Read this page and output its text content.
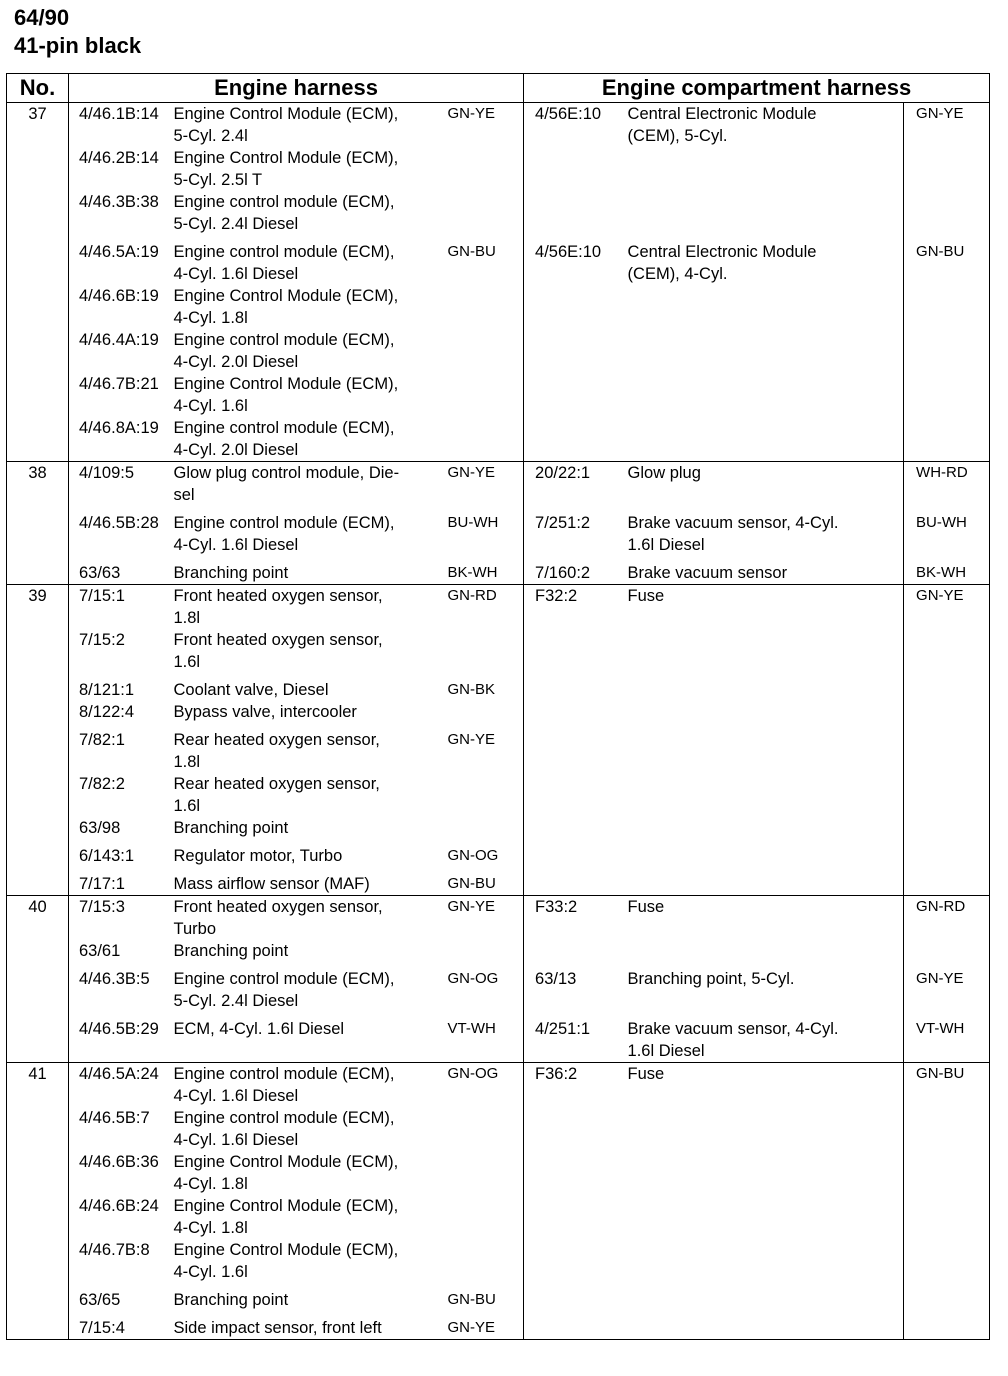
64/90
41-pin black
No.	Engine harness			Engine compartment harness		
37	4/46.1B:14	Engine Control Module (ECM),
5-Cyl. 2.4l	GN-YE	4/56E:10	Central Electronic Module
(CEM), 5-Cyl.	GN-YE
	4/46.2B:14	Engine Control Module (ECM),
5-Cyl. 2.5l T				

	4/46.3B:38	Engine control module (ECM),
5-Cyl. 2.4l Diesel				

	4/46.5A:19	Engine control module (ECM),
4-Cyl. 1.6l Diesel	GN-BU	4/56E:10	Central Electronic Module
(CEM), 4-Cyl.	GN-BU
	4/46.6B:19	Engine Control Module (ECM),
4-Cyl. 1.8l				

	4/46.4A:19	Engine control module (ECM),
4-Cyl. 2.0l Diesel				

	4/46.7B:21	Engine Control Module (ECM),
4-Cyl. 1.6l				

	4/46.8A:19	Engine control module (ECM),
4-Cyl. 2.0l Diesel				

38	4/109:5	Glow plug control module, Die-
sel	GN-YE	20/22:1	Glow plug	WH-RD

	4/46.5B:28	Engine control module (ECM),
4-Cyl. 1.6l Diesel	BU-WH	7/251:2	Brake vacuum sensor, 4-Cyl.
1.6l Diesel	BU-WH

	63/63	Branching point	BK-WH	7/160:2	Brake vacuum sensor	BK-WH
39	7/15:1	Front heated oxygen sensor,
1.8l	GN-RD	F32:2	Fuse	GN-YE
	7/15:2	Front heated oxygen sensor,
1.6l				

	8/121:1	Coolant valve, Diesel	GN-BK			
	8/122:4	Bypass valve, intercooler				

	7/82:1	Rear heated oxygen sensor,
1.8l	GN-YE			
	7/82:2	Rear heated oxygen sensor,
1.6l				

	63/98	Branching point				

	6/143:1	Regulator motor, Turbo	GN-OG			

	7/17:1	Mass airflow sensor (MAF)	GN-BU			
40	7/15:3	Front heated oxygen sensor,
Turbo	GN-YE	F33:2	Fuse	GN-RD
	63/61	Branching point				

	4/46.3B:5	Engine control module (ECM),
5-Cyl. 2.4l Diesel	GN-OG	63/13	Branching point, 5-Cyl.	GN-YE

	4/46.5B:29	ECM, 4-Cyl. 1.6l Diesel	VT-WH	4/251:1	Brake vacuum sensor, 4-Cyl.
1.6l Diesel	VT-WH
41	4/46.5A:24	Engine control module (ECM),
4-Cyl. 1.6l Diesel	GN-OG	F36:2	Fuse	GN-BU
	4/46.5B:7	Engine control module (ECM),
4-Cyl. 1.6l Diesel				

	4/46.6B:36	Engine Control Module (ECM),
4-Cyl. 1.8l				

	4/46.6B:24	Engine Control Module (ECM),
4-Cyl. 1.8l				

	4/46.7B:8	Engine Control Module (ECM),
4-Cyl. 1.6l				

	63/65	Branching point	GN-BU			

	7/15:4	Side impact sensor, front left	GN-YE			
